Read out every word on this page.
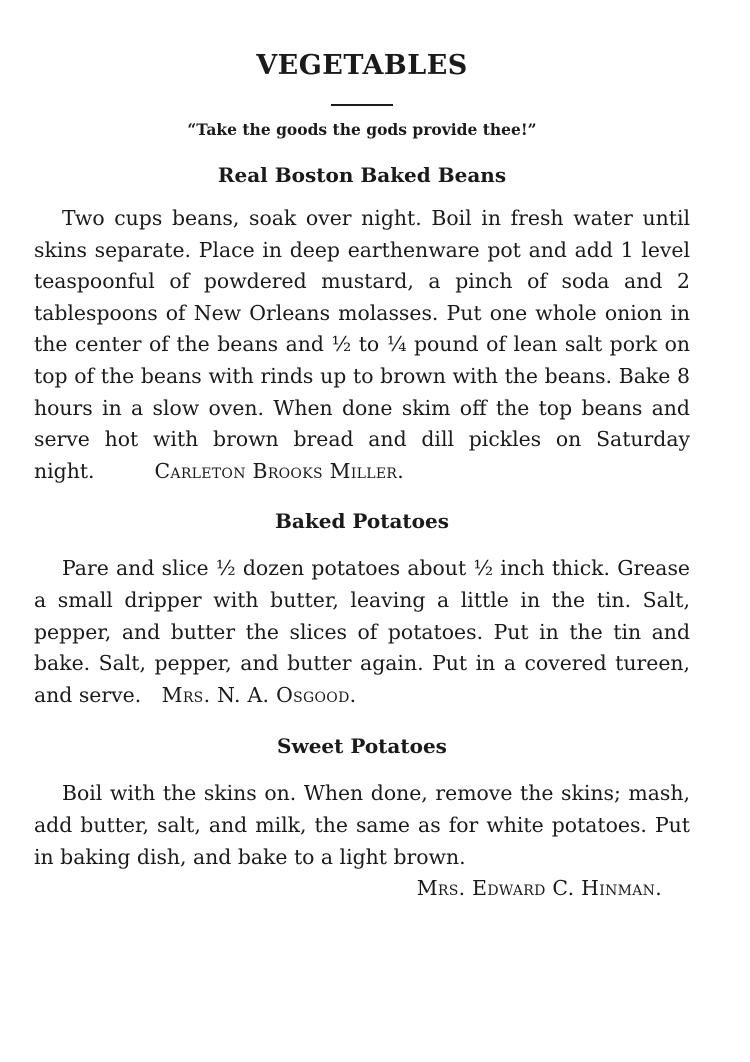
VEGETABLES

“Take the goods the gods provide thee!”

Real Boston Baked Beans

Two cups beans, soak over night. Boil in fresh water until skins separate. Place in deep earthenware pot and add 1 level teaspoonful of powdered mustard, a pinch of soda and 2 tablespoons of New Orleans molasses. Put one whole onion in the center of the beans and ½ to ¼ pound of lean salt pork on top of the beans with rinds up to brown with the beans. Bake 8 hours in a slow oven. When done skim off the top beans and serve hot with brown bread and dill pickles on Saturday night.	Carleton Brooks Miller.

Baked Potatoes

Pare and slice ½ dozen potatoes about ½ inch thick. Grease a small dripper with butter, leaving a little in the tin. Salt, pepper, and butter the slices of potatoes. Put in the tin and bake. Salt, pepper, and butter again. Put in a covered tureen, and serve. Mrs. N. A. Osgood.

Sweet Potatoes

Boil with the skins on. When done, remove the skins; mash, add butter, salt, and milk, the same as for white potatoes. Put in baking dish, and bake to a light brown.
Mrs. Edward C. Hinman.
